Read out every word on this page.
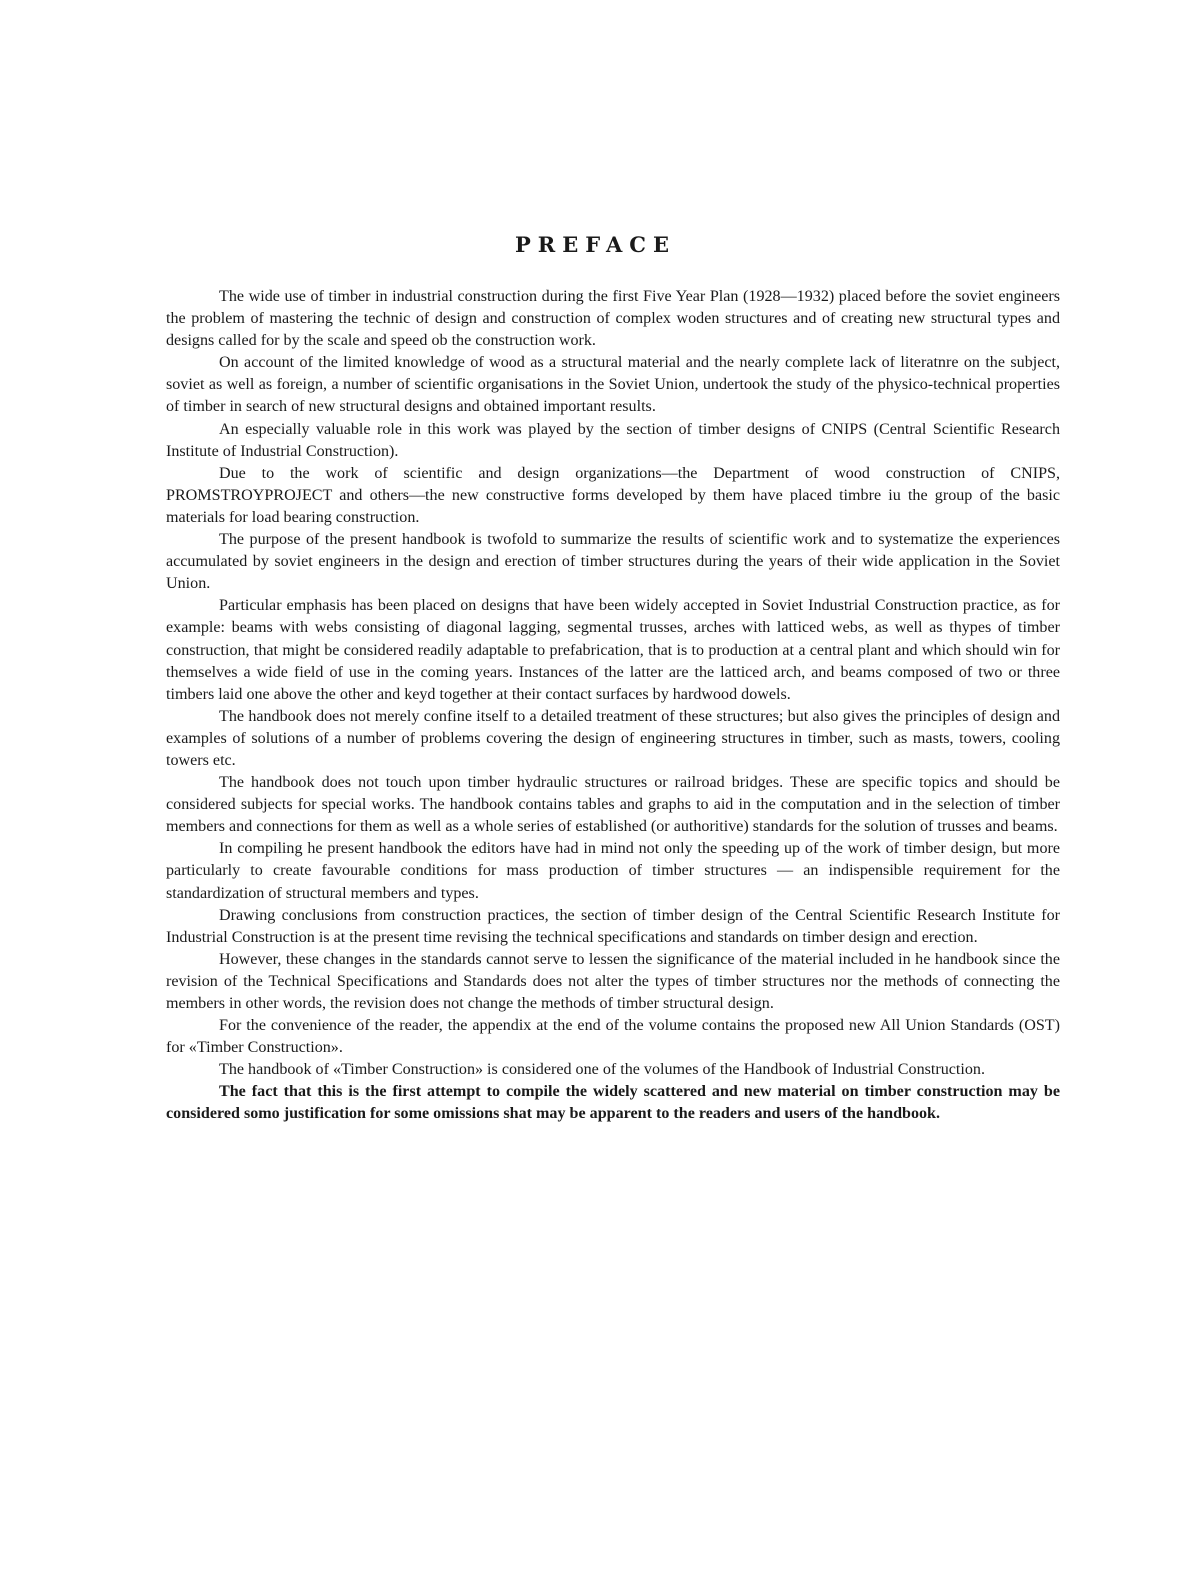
PREFACE

The wide use of timber in industrial construction during the first Five Year Plan (1928—1932) placed before the soviet engineers the problem of mastering the technic of design and construction of complex woden structures and of creating new structural types and designs called for by the scale and speed ob the construction work.

On account of the limited knowledge of wood as a structural material and the nearly complete lack of literatnre on the subject, soviet as well as foreign, a number of scientific organisations in the Soviet Union, undertook the study of the physico-technical properties of timber in search of new structural designs and obtained important results.

An especially valuable role in this work was played by the section of timber designs of CNIPS (Central Scientific Research Institute of Industrial Construction).

Due to the work of scientific and design organizations—the Department of wood construction of CNIPS, PROMSTROYPROJECT and others—the new constructive forms developed by them have placed timbre iu the group of the basic materials for load bearing construction.

The purpose of the present handbook is twofold to summarize the results of scientific work and to systematize the experiences accumulated by soviet engineers in the design and erection of timber structures during the years of their wide application in the Soviet Union.

Particular emphasis has been placed on designs that have been widely accepted in Soviet Industrial Construction practice, as for example: beams with webs consisting of diagonal lagging, segmental trusses, arches with latticed webs, as well as thypes of timber construction, that might be considered readily adaptable to prefabrication, that is to production at a central plant and which should win for themselves a wide field of use in the coming years. Instances of the latter are the latticed arch, and beams composed of two or three timbers laid one above the other and keyd together at their contact surfaces by hardwood dowels.

The handbook does not merely confine itself to a detailed treatment of these structures; but also gives the principles of design and examples of solutions of a number of problems covering the design of engineering structures in timber, such as masts, towers, cooling towers etc.

The handbook does not touch upon timber hydraulic structures or railroad bridges. These are specific topics and should be considered subjects for special works. The handbook contains tables and graphs to aid in the computation and in the selection of timber members and connections for them as well as a whole series of established (or authoritive) standards for the solution of trusses and beams.

In compiling he present handbook the editors have had in mind not only the speeding up of the work of timber design, but more particularly to create favourable conditions for mass production of timber structures — an indispensible requirement for the standardization of structural members and types.

Drawing conclusions from construction practices, the section of timber design of the Central Scientific Research Institute for Industrial Construction is at the present time revising the technical specifications and standards on timber design and erection.

However, these changes in the standards cannot serve to lessen the significance of the material included in he handbook since the revision of the Technical Specifications and Standards does not alter the types of timber structures nor the methods of connecting the members in other words, the revision does not change the methods of timber structural design.

For the convenience of the reader, the appendix at the end of the volume contains the proposed new All Union Standards (OST) for «Timber Construction».

The handbook of «Timber Construction» is considered one of the volumes of the Handbook of Industrial Construction.

The fact that this is the first attempt to compile the widely scattered and new material on timber construction may be considered somo justification for some omissions shat may be apparent to the readers and users of the handbook.
